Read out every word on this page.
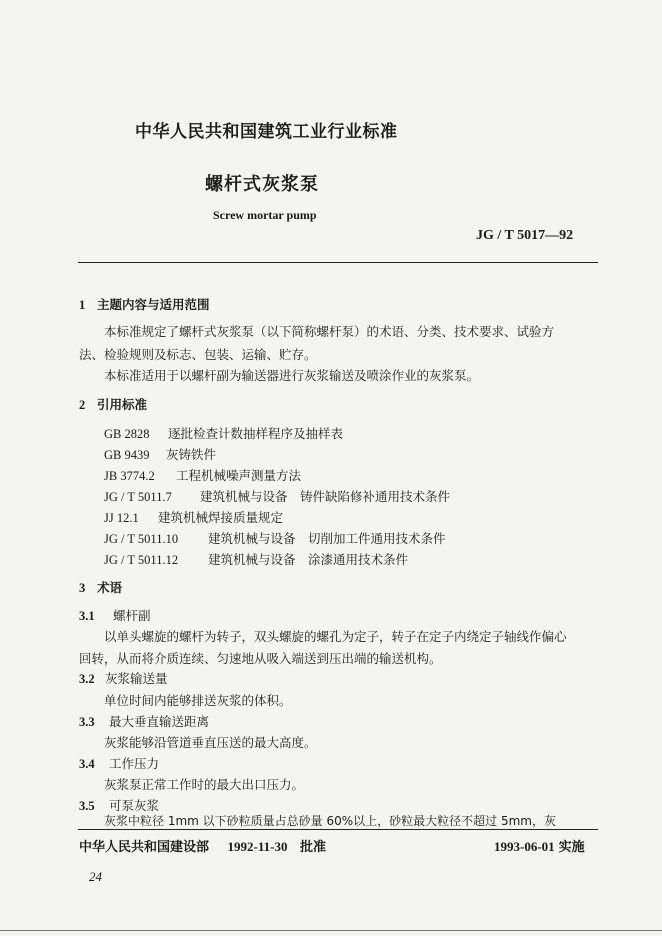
中华人民共和国建筑工业行业标准
螺杆式灰浆泵
Screw mortar pump
JG / T 5017—92
1 主题内容与适用范围
本标准规定了螺杆式灰浆泵（以下简称螺杆泵）的术语、分类、技术要求、试验方
法、检验规则及标志、包装、运输、贮存。
本标准适用于以螺杆副为输送器进行灰浆输送及喷涂作业的灰浆泵。
2 引用标准
GB 2828 逐批检查计数抽样程序及抽样表
GB 9439 灰铸铁件
JB 3774.2 工程机械噪声测量方法
JG / T 5011.7 建筑机械与设备　铸件缺陷修补通用技术条件
JJ 12.1 建筑机械焊接质量规定
JG / T 5011.10 建筑机械与设备　切削加工件通用技术条件
JG / T 5011.12 建筑机械与设备　涂漆通用技术条件
3 术语
3.1 螺杆副
以单头螺旋的螺杆为转子，双头螺旋的螺孔为定子，转子在定子内绕定子轴线作偏心
回转，从而将介质连续、匀速地从吸入端送到压出端的输送机构。
3.2 灰浆输送量
单位时间内能够排送灰浆的体积。
3.3 最大垂直输送距离
灰浆能够沿管道垂直压送的最大高度。
3.4 工作压力
灰浆泵正常工作时的最大出口压力。
3.5 可泵灰浆
灰浆中粒径 1mm 以下砂粒质量占总砂量 60%以上，砂粒最大粒径不超过 5mm，灰
中华人民共和国建设部 1992-11-30 批准	1993-06-01 实施
24
